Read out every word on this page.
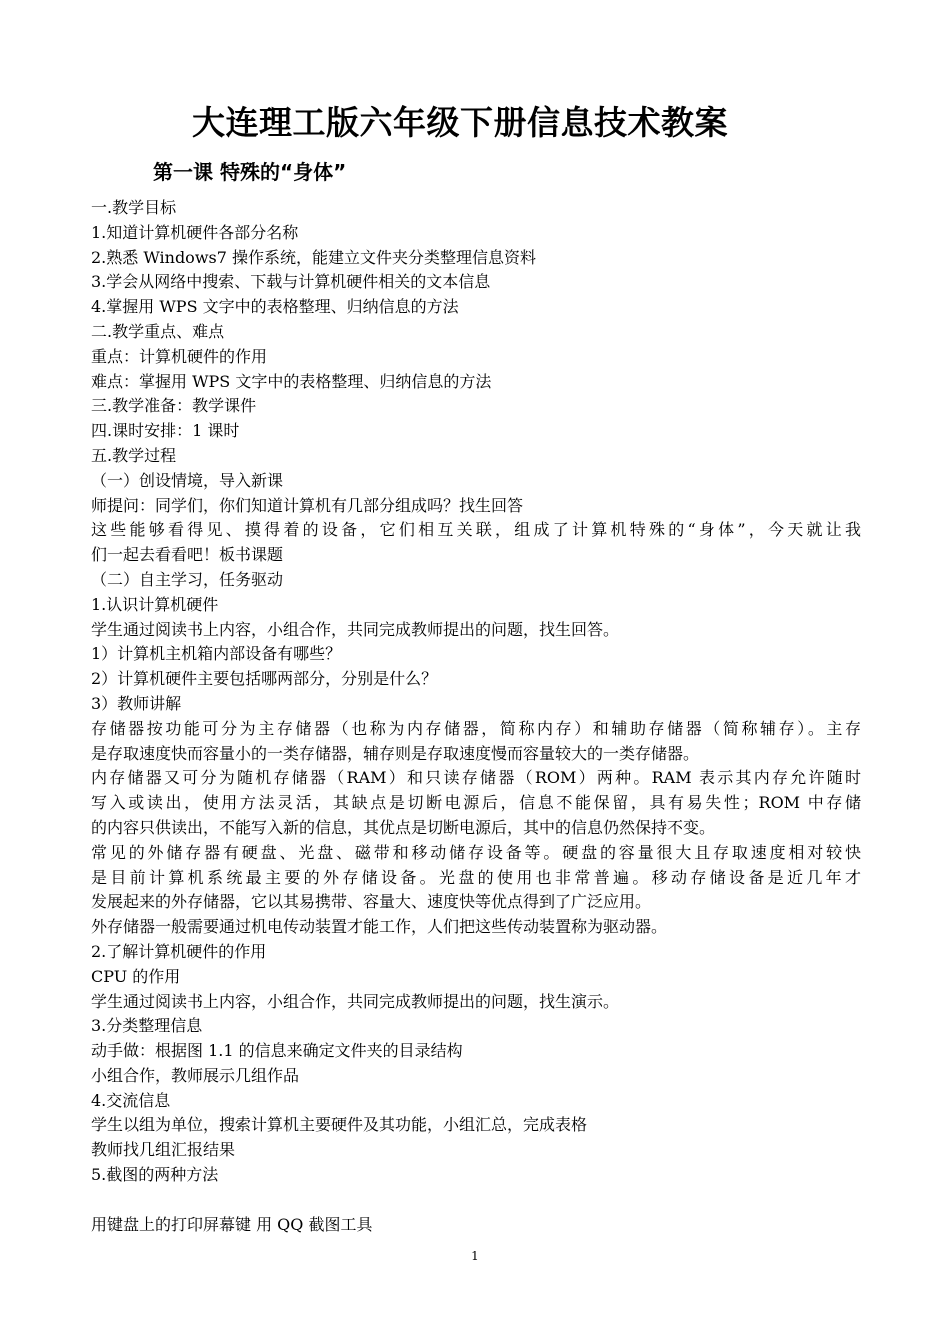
大连理工版六年级下册信息技术教案
第一课 特殊的“身体”
一.教学目标
1.知道计算机硬件各部分名称
2.熟悉 Windows7 操作系统，能建立文件夹分类整理信息资料
3.学会从网络中搜索、下载与计算机硬件相关的文本信息
4.掌握用 WPS 文字中的表格整理、归纳信息的方法
二.教学重点、难点
重点：计算机硬件的作用
难点：掌握用 WPS 文字中的表格整理、归纳信息的方法
三.教学准备：教学课件
四.课时安排：1 课时
五.教学过程
（一）创设情境，导入新课
师提问：同学们，你们知道计算机有几部分组成吗？找生回答
这些能够看得见、摸得着的设备，它们相互关联，组成了计算机特殊的“身体”，今天就让我
们一起去看看吧！板书课题
（二）自主学习，任务驱动
1.认识计算机硬件
学生通过阅读书上内容，小组合作，共同完成教师提出的问题，找生回答。
1）计算机主机箱内部设备有哪些？
2）计算机硬件主要包括哪两部分，分别是什么？
3）教师讲解
存储器按功能可分为主存储器（也称为内存储器，简称内存）和辅助存储器（简称辅存）。主存
是存取速度快而容量小的一类存储器，辅存则是存取速度慢而容量较大的一类存储器。
内存储器又可分为随机存储器（RAM）和只读存储器（ROM）两种。RAM 表示其内存允许随时
写入或读出，使用方法灵活，其缺点是切断电源后，信息不能保留，具有易失性；ROM 中存储
的内容只供读出，不能写入新的信息，其优点是切断电源后，其中的信息仍然保持不变。
常见的外储存器有硬盘、光盘、磁带和移动储存设备等。硬盘的容量很大且存取速度相对较快
是目前计算机系统最主要的外存储设备。光盘的使用也非常普遍。移动存储设备是近几年才
发展起来的外存储器，它以其易携带、容量大、速度快等优点得到了广泛应用。
外存储器一般需要通过机电传动装置才能工作，人们把这些传动装置称为驱动器。
2.了解计算机硬件的作用
CPU 的作用
学生通过阅读书上内容，小组合作，共同完成教师提出的问题，找生演示。
3.分类整理信息
动手做：根据图 1.1 的信息来确定文件夹的目录结构
小组合作，教师展示几组作品
4.交流信息
学生以组为单位，搜索计算机主要硬件及其功能，小组汇总，完成表格
教师找几组汇报结果
5.截图的两种方法
用键盘上的打印屏幕键 用 QQ 截图工具
1
